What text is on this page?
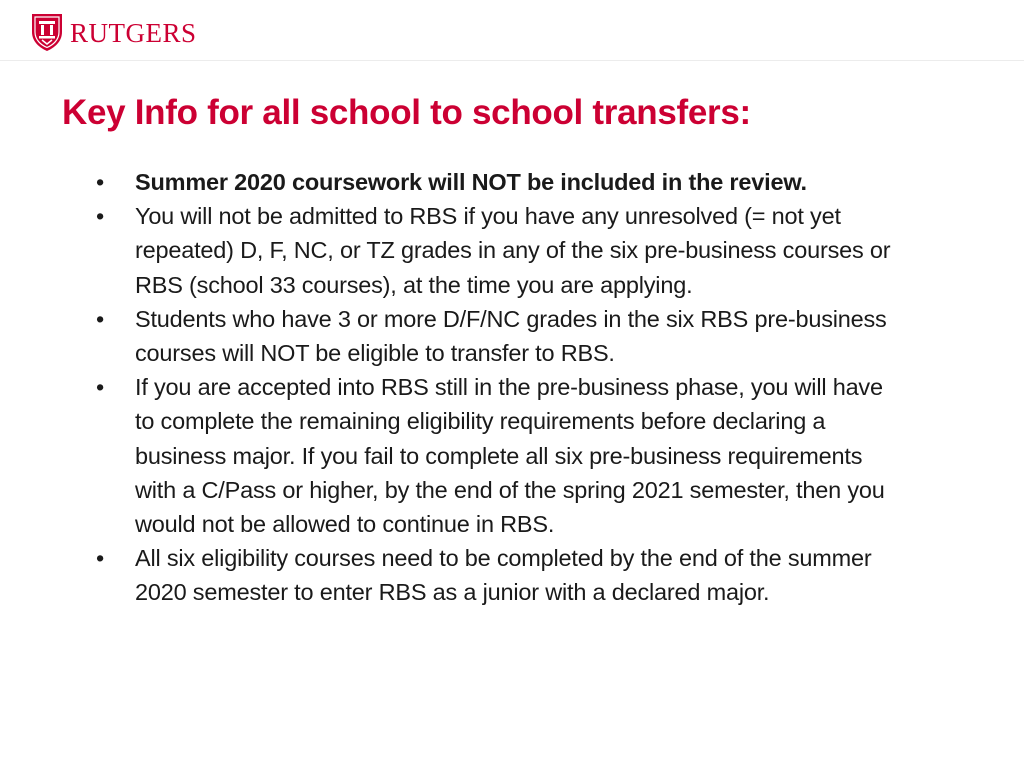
RUTGERS
Key Info for all school to school transfers:
•	Summer 2020 coursework will NOT be included in the review.
•	You will not be admitted to RBS if you have any unresolved (= not yet repeated) D, F, NC, or TZ grades in any of the six pre-business courses or RBS (school 33 courses), at the time you are applying.
•	Students who have 3 or more D/F/NC grades in the six RBS pre-business courses will NOT be eligible to transfer to RBS.
•	If you are accepted into RBS still in the pre-business phase, you will have to complete the remaining eligibility requirements before declaring a business major. If you fail to complete all six pre-business requirements with a C/Pass or higher, by the end of the spring 2021 semester, then you would not be allowed to continue in RBS.
•	All six eligibility courses need to be completed by the end of the summer 2020 semester to enter RBS as a junior with a declared major.
